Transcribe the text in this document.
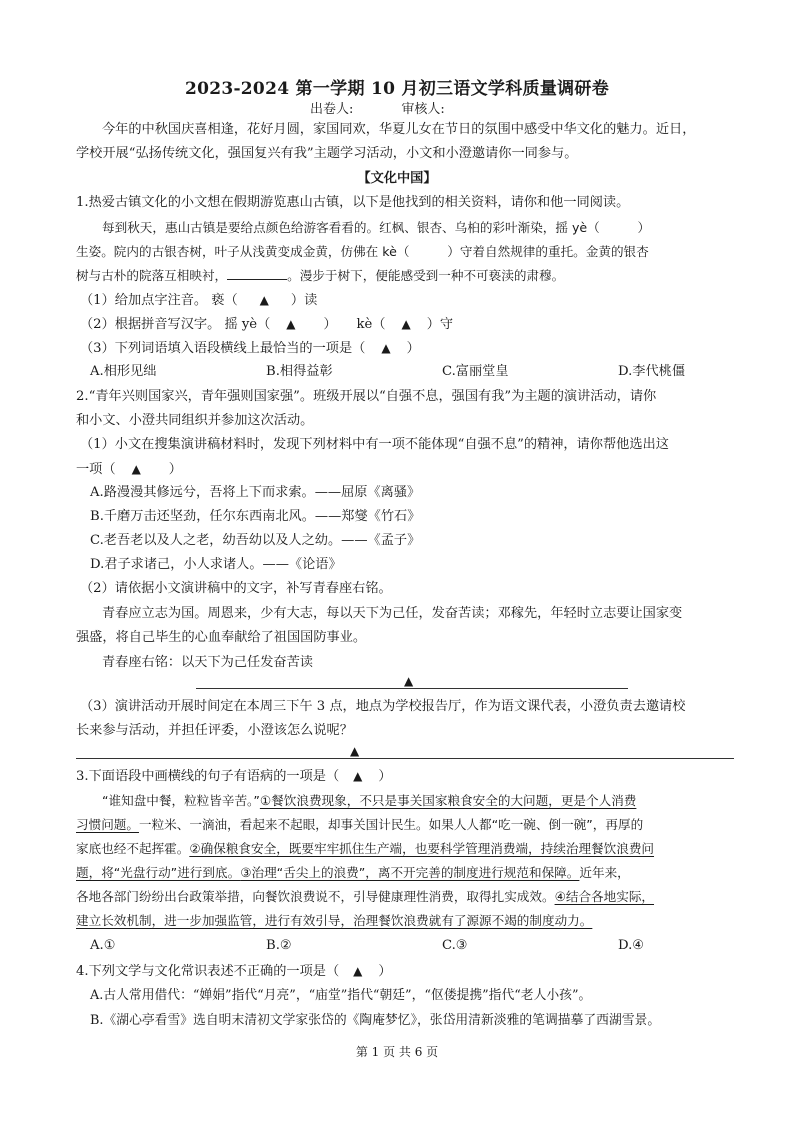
2023-2024 第一学期 10 月初三语文学科质量调研卷
出卷人:	审核人:
今年的中秋国庆喜相逢，花好月圆，家国同欢，华夏儿女在节日的氛围中感受中华文化的魅力。近日，
学校开展“弘扬传统文化，强国复兴有我”主题学习活动，小文和小澄邀请你一同参与。
【文化中国】
1.热爱古镇文化的小文想在假期游览惠山古镇，以下是他找到的相关资料，请你和他一同阅读。
每到秋天，惠山古镇是要给点颜色给游客看看的。红枫、银杏、乌桕的彩叶渐染，摇 yè（　　　）
生姿。院内的古银杏树，叶子从浅黄变成金黄，仿佛在 kè（　　　）守着自然规律的重托。金黄的银杏
树与古朴的院落互相映衬，	。漫步于树下，便能感受到一种不可亵渎的肃穆。
（1）给加点字注音。 亵（ ▲ ）读
（2）根据拼音写汉字。 摇 yè（ ▲ ）　　kè（ ▲ ）守
（3）下列词语填入语段横线上最恰当的一项是（ ▲ ）
A.相形见绌	B.相得益彰	C.富丽堂皇	D.李代桃僵
2.“青年兴则国家兴，青年强则国家强”。班级开展以“自强不息，强国有我”为主题的演讲活动，请你
和小文、小澄共同组织并参加这次活动。
（1）小文在搜集演讲稿材料时，发现下列材料中有一项不能体现“自强不息”的精神，请你帮他选出这
一项（ ▲ ）
A.路漫漫其修远兮，吾将上下而求索。——屈原《离骚》
B.千磨万击还坚劲，任尔东西南北风。——郑燮《竹石》
C.老吾老以及人之老，幼吾幼以及人之幼。——《孟子》
D.君子求诸己，小人求诸人。——《论语》
（2）请依据小文演讲稿中的文字，补写青春座右铭。
青春应立志为国。周恩来，少有大志，每以天下为己任，发奋苦读；邓稼先，年轻时立志要让国家变
强盛，将自己毕生的心血奉献给了祖国国防事业。
青春座右铭：以天下为己任发奋苦读
▲
（3）演讲活动开展时间定在本周三下午 3 点，地点为学校报告厅，作为语文课代表，小澄负责去邀请校
长来参与活动，并担任评委，小澄该怎么说呢？
▲
3.下面语段中画横线的句子有语病的一项是（ ▲ ）
“谁知盘中餐，粒粒皆辛苦。”①餐饮浪费现象，不只是事关国家粮食安全的大问题，更是个人消费
习惯问题。一粒米、一滴油，看起来不起眼，却事关国计民生。如果人人都“吃一碗、倒一碗”，再厚的
家底也经不起挥霍。②确保粮食安全，既要牢牢抓住生产端，也要科学管理消费端，持续治理餐饮浪费问
题，将“光盘行动”进行到底。③治理“舌尖上的浪费”，离不开完善的制度进行规范和保障。近年来，
各地各部门纷纷出台政策举措，向餐饮浪费说不，引导健康理性消费，取得扎实成效。④结合各地实际，
建立长效机制，进一步加强监管，进行有效引导，治理餐饮浪费就有了源源不竭的制度动力。
A.①	B.②	C.③	D.④
4.下列文学与文化常识表述不正确的一项是（ ▲ ）
A.古人常用借代：“婵娟”指代“月亮”，“庙堂”指代“朝廷”，“伛偻提携”指代“老人小孩”。
B.《湖心亭看雪》选自明末清初文学家张岱的《陶庵梦忆》，张岱用清新淡雅的笔调描摹了西湖雪景。
第 1 页 共 6 页
